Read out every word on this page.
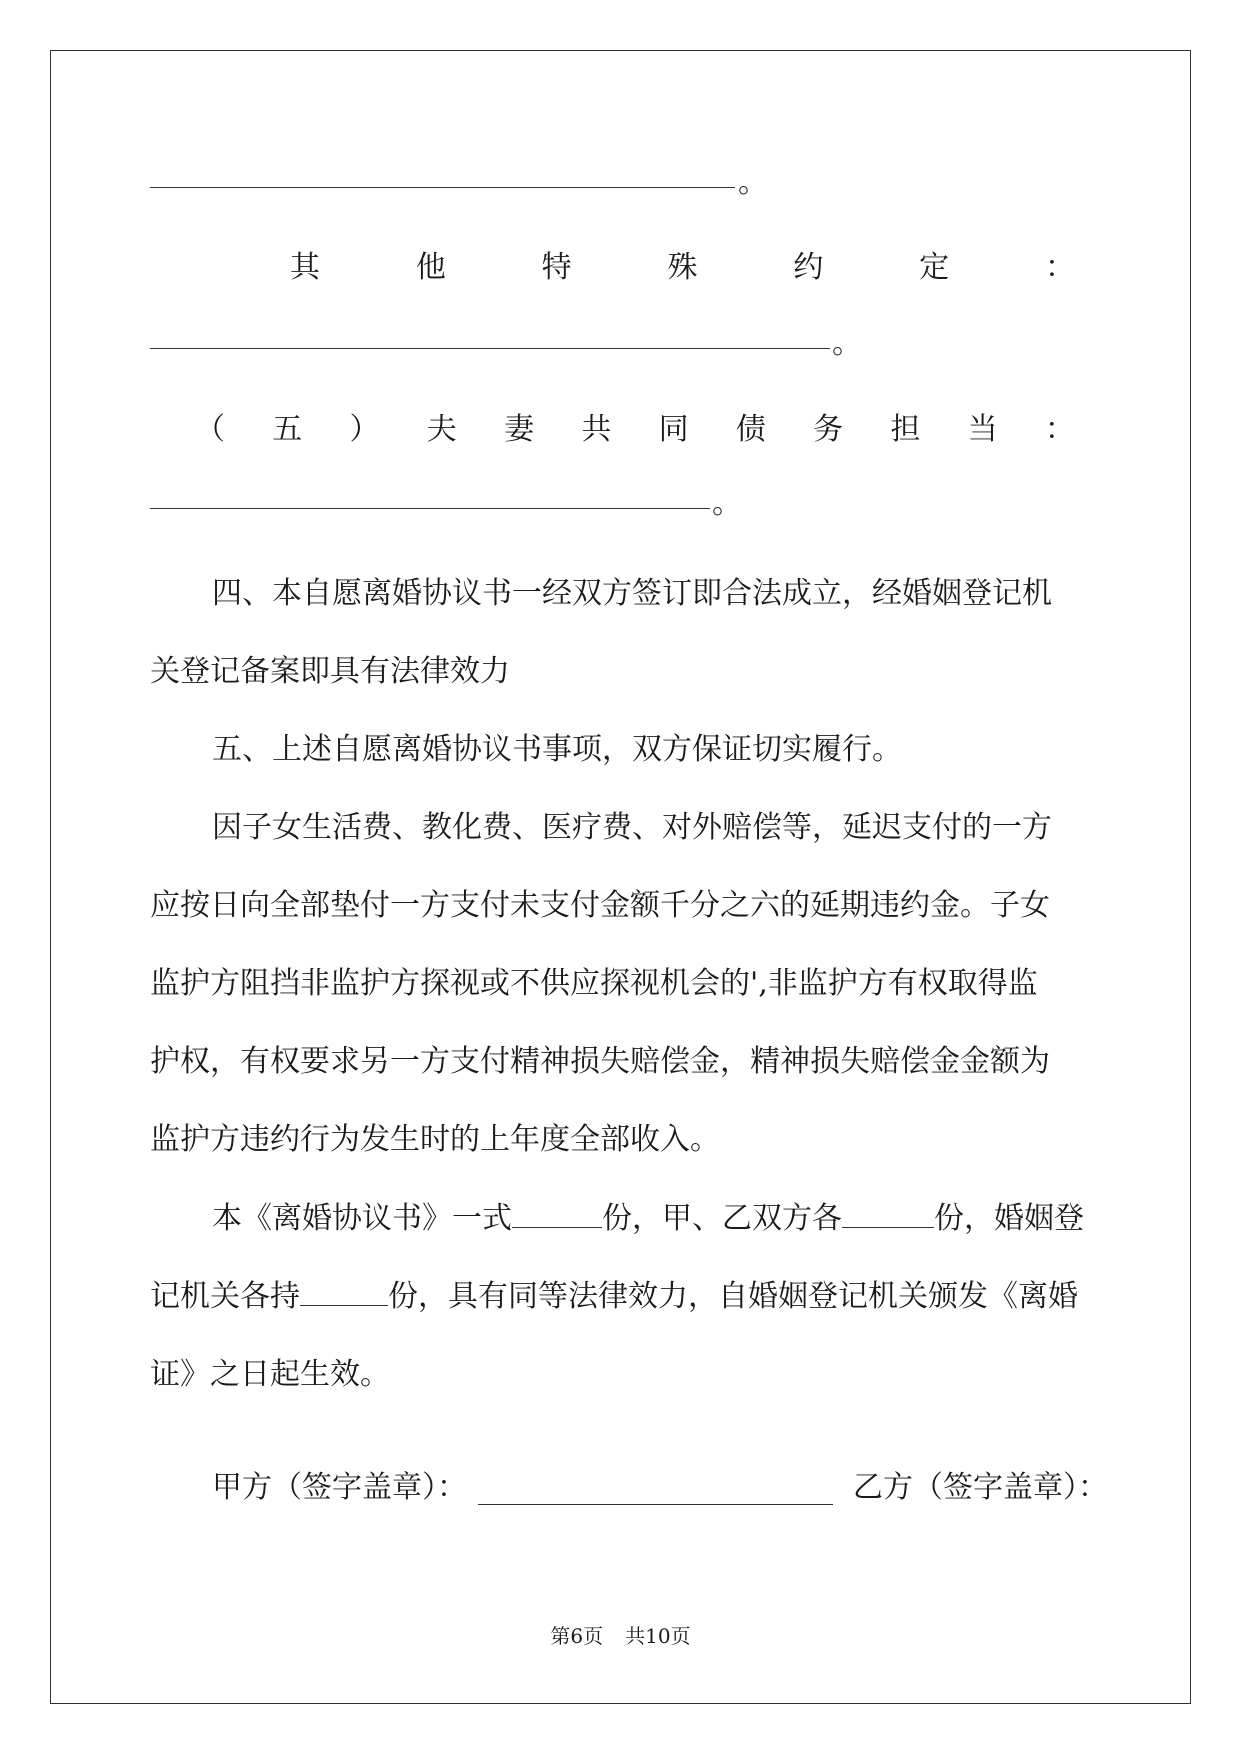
。
其	他	特	殊	约	定	：
。
（ 五 ） 夫 妻 共 同 债 务 担 当 ：
。
四、本自愿离婚协议书一经双方签订即合法成立，经婚姻登记机
关登记备案即具有法律效力
五、上述自愿离婚协议书事项，双方保证切实履行。
因子女生活费、教化费、医疗费、对外赔偿等，延迟支付的一方
应按日向全部垫付一方支付未支付金额千分之六的延期违约金。子女
监护方阻挡非监护方探视或不供应探视机会的',非监护方有权取得监
护权，有权要求另一方支付精神损失赔偿金，精神损失赔偿金金额为
监护方违约行为发生时的上年度全部收入。
本《离婚协议书》一式	份，甲、乙双方各	份，婚姻登
记机关各持	份，具有同等法律效力，自婚姻登记机关颁发《离婚
证》之日起生效。
甲方（签字盖章）：	乙方（签字盖章）：
第6页 共10页
